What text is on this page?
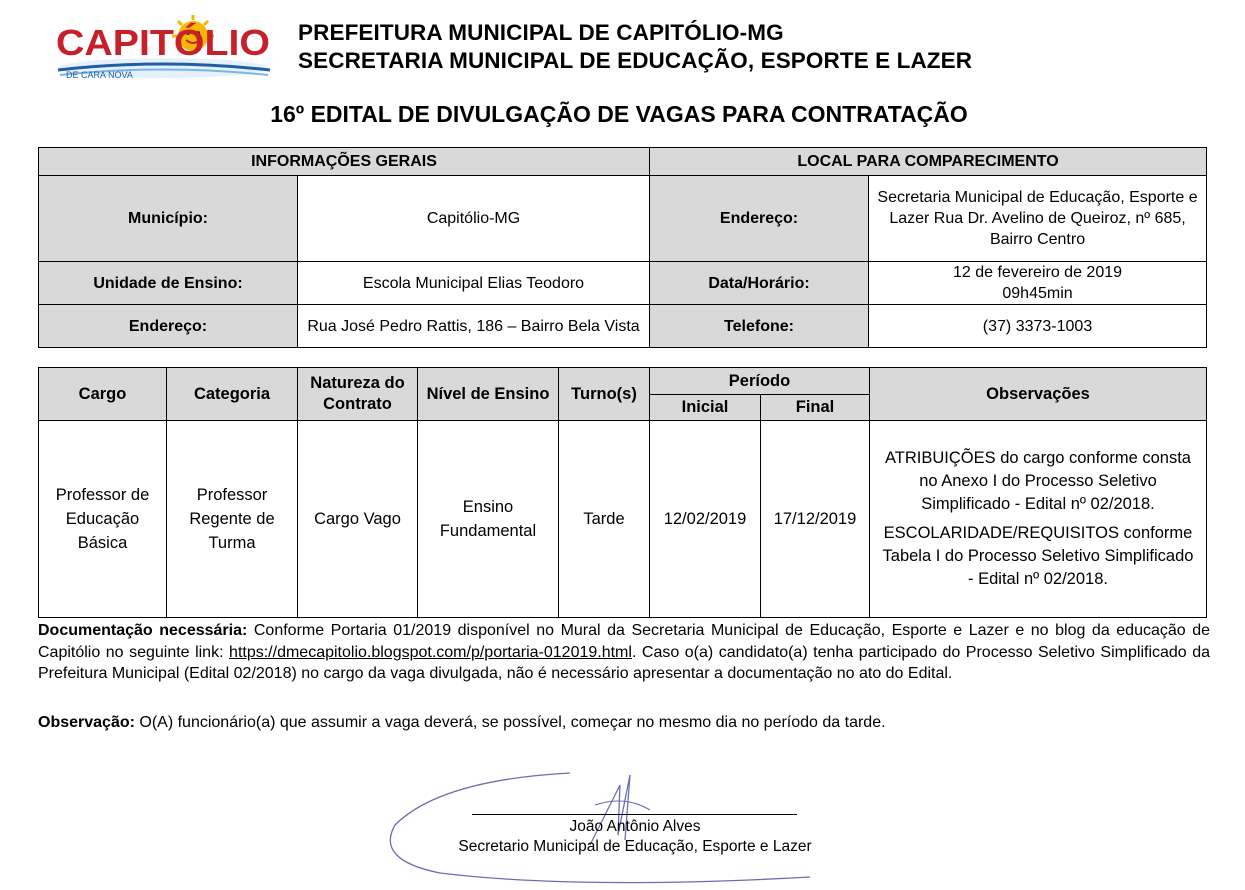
CAPITÓLIO
DE CARA NOVA
PREFEITURA MUNICIPAL DE CAPITÓLIO-MG
SECRETARIA MUNICIPAL DE EDUCAÇÃO, ESPORTE E LAZER
16º EDITAL DE DIVULGAÇÃO DE VAGAS PARA CONTRATAÇÃO
INFORMAÇÕES GERAIS		LOCAL PARA COMPARECIMENTO	
Município:	Capitólio-MG	Endereço:	Secretaria Municipal de Educação, Esporte e Lazer Rua Dr. Avelino de Queiroz, nº 685, Bairro Centro
Unidade de Ensino:	Escola Municipal Elias Teodoro	Data/Horário:	12 de fevereiro de 2019
09h45min

Endereço:	Rua José Pedro Rattis, 186 – Bairro Bela Vista	Telefone:	(37) 3373-1003
Cargo	Categoria	Natureza do Contrato	Nível de Ensino	Turno(s)	Período		Observações
					Inicial	Final	
Professor de Educação Básica	Professor Regente de Turma	Cargo Vago	Ensino Fundamental	Tarde	12/02/2019	17/12/2019	ATRIBUIÇÕES do cargo conforme consta no Anexo I do Processo Seletivo Simplificado - Edital nº 02/2018.
ESCOLARIDADE/REQUISITOS conforme Tabela I do Processo Seletivo Simplificado - Edital nº 02/2018.
Documentação necessária: Conforme Portaria 01/2019 disponível no Mural da Secretaria Municipal de Educação, Esporte e Lazer e no blog da educação de Capitólio no seguinte link: https://dmecapitolio.blogspot.com/p/portaria-012019.html. Caso o(a) candidato(a) tenha participado do Processo Seletivo Simplificado da Prefeitura Municipal (Edital 02/2018) no cargo da vaga divulgada, não é necessário apresentar a documentação no ato do Edital.
Observação: O(A) funcionário(a) que assumir a vaga deverá, se possível, começar no mesmo dia no período da tarde.
João Antônio Alves
Secretario Municipal de Educação, Esporte e Lazer
